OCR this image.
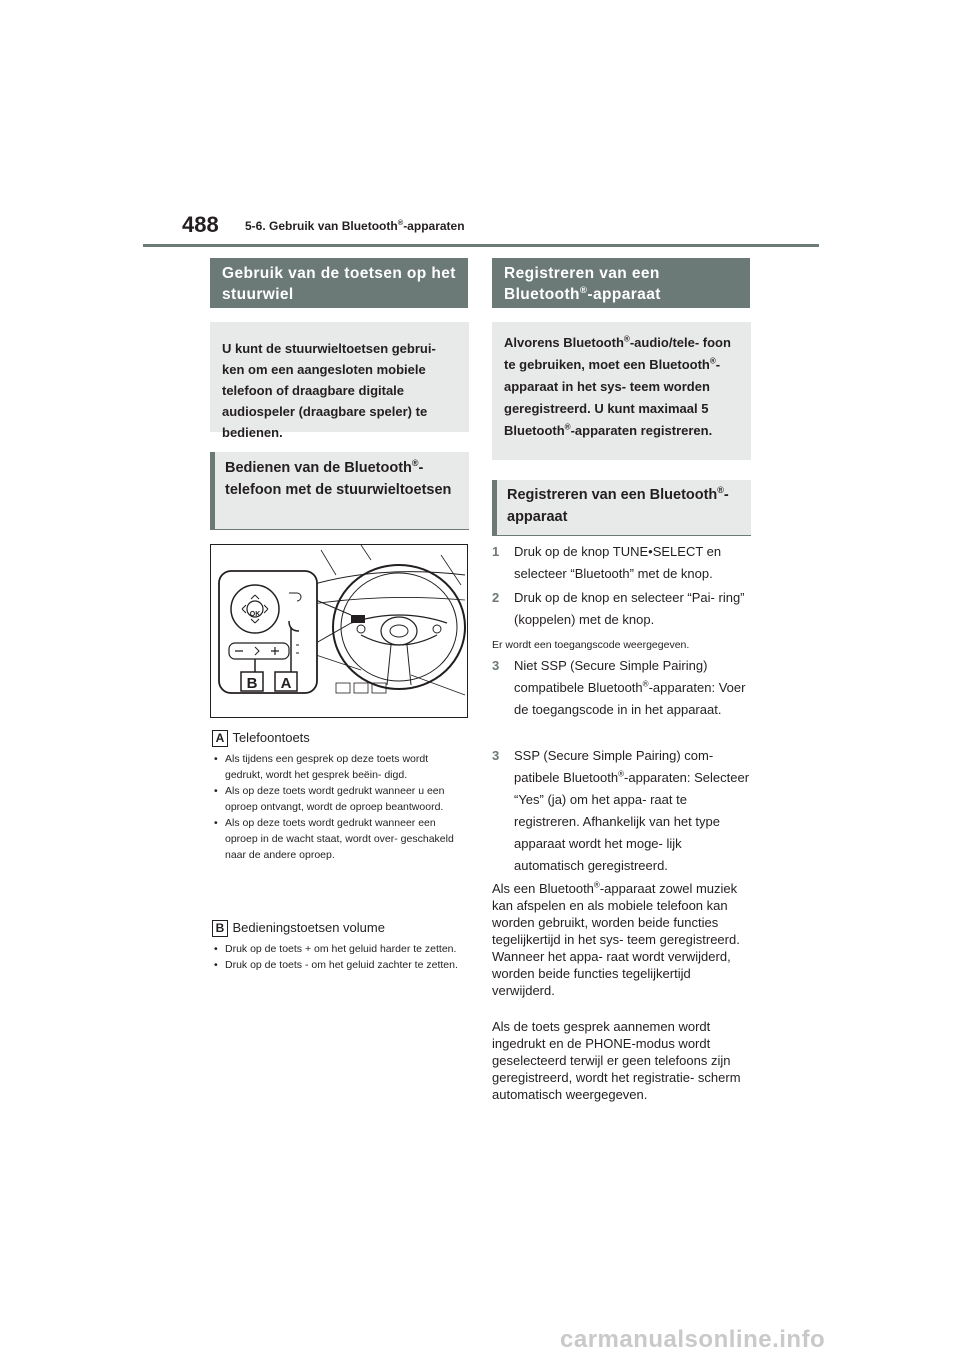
488 5-6. Gebruik van Bluetooth®-apparaten
Gebruik van de toetsen op het stuurwiel
U kunt de stuurwieltoetsen gebrui- ken om een aangesloten mobiele telefoon of draagbare digitale audiospeler (draagbare speler) te bedienen.
Bedienen van de Bluetooth®- telefoon met de stuurwieltoetsen
OK
B A
A Telefoontoets
• Als tijdens een gesprek op deze toets wordt gedrukt, wordt het gesprek beëin- digd.
• Als op deze toets wordt gedrukt wanneer u een oproep ontvangt, wordt de oproep beantwoord.
• Als op deze toets wordt gedrukt wanneer een oproep in de wacht staat, wordt over- geschakeld naar de andere oproep.
B Bedieningstoetsen volume
• Druk op de toets + om het geluid harder te zetten.
• Druk op de toets - om het geluid zachter te zetten.
Registreren van een Bluetooth®-apparaat
Alvorens Bluetooth®-audio/tele- foon te gebruiken, moet een Bluetooth®-apparaat in het sys- teem worden geregistreerd. U kunt maximaal 5 Bluetooth®-apparaten registreren.
Registreren van een Bluetooth®-apparaat
1	Druk op de knop TUNE•SELECT en selecteer “Bluetooth” met de knop.
2	Druk op de knop en selecteer “Pai- ring” (koppelen) met de knop.
Er wordt een toegangscode weergegeven.
3	Niet SSP (Secure Simple Pairing) compatibele Bluetooth®-apparaten: Voer de toegangscode in in het apparaat.
3	SSP (Secure Simple Pairing) com- patibele Bluetooth®-apparaten: Selecteer “Yes” (ja) om het appa- raat te registreren. Afhankelijk van het type apparaat wordt het moge- lijk automatisch geregistreerd.
Als een Bluetooth®-apparaat zowel muziek kan afspelen en als mobiele telefoon kan worden gebruikt, worden beide functies tegelijkertijd in het sys- teem geregistreerd. Wanneer het appa- raat wordt verwijderd, worden beide functies tegelijkertijd verwijderd.
Als de toets gesprek aannemen wordt ingedrukt en de PHONE-modus wordt geselecteerd terwijl er geen telefoons zijn geregistreerd, wordt het registratie- scherm automatisch weergegeven.
carmanualsonline.info
